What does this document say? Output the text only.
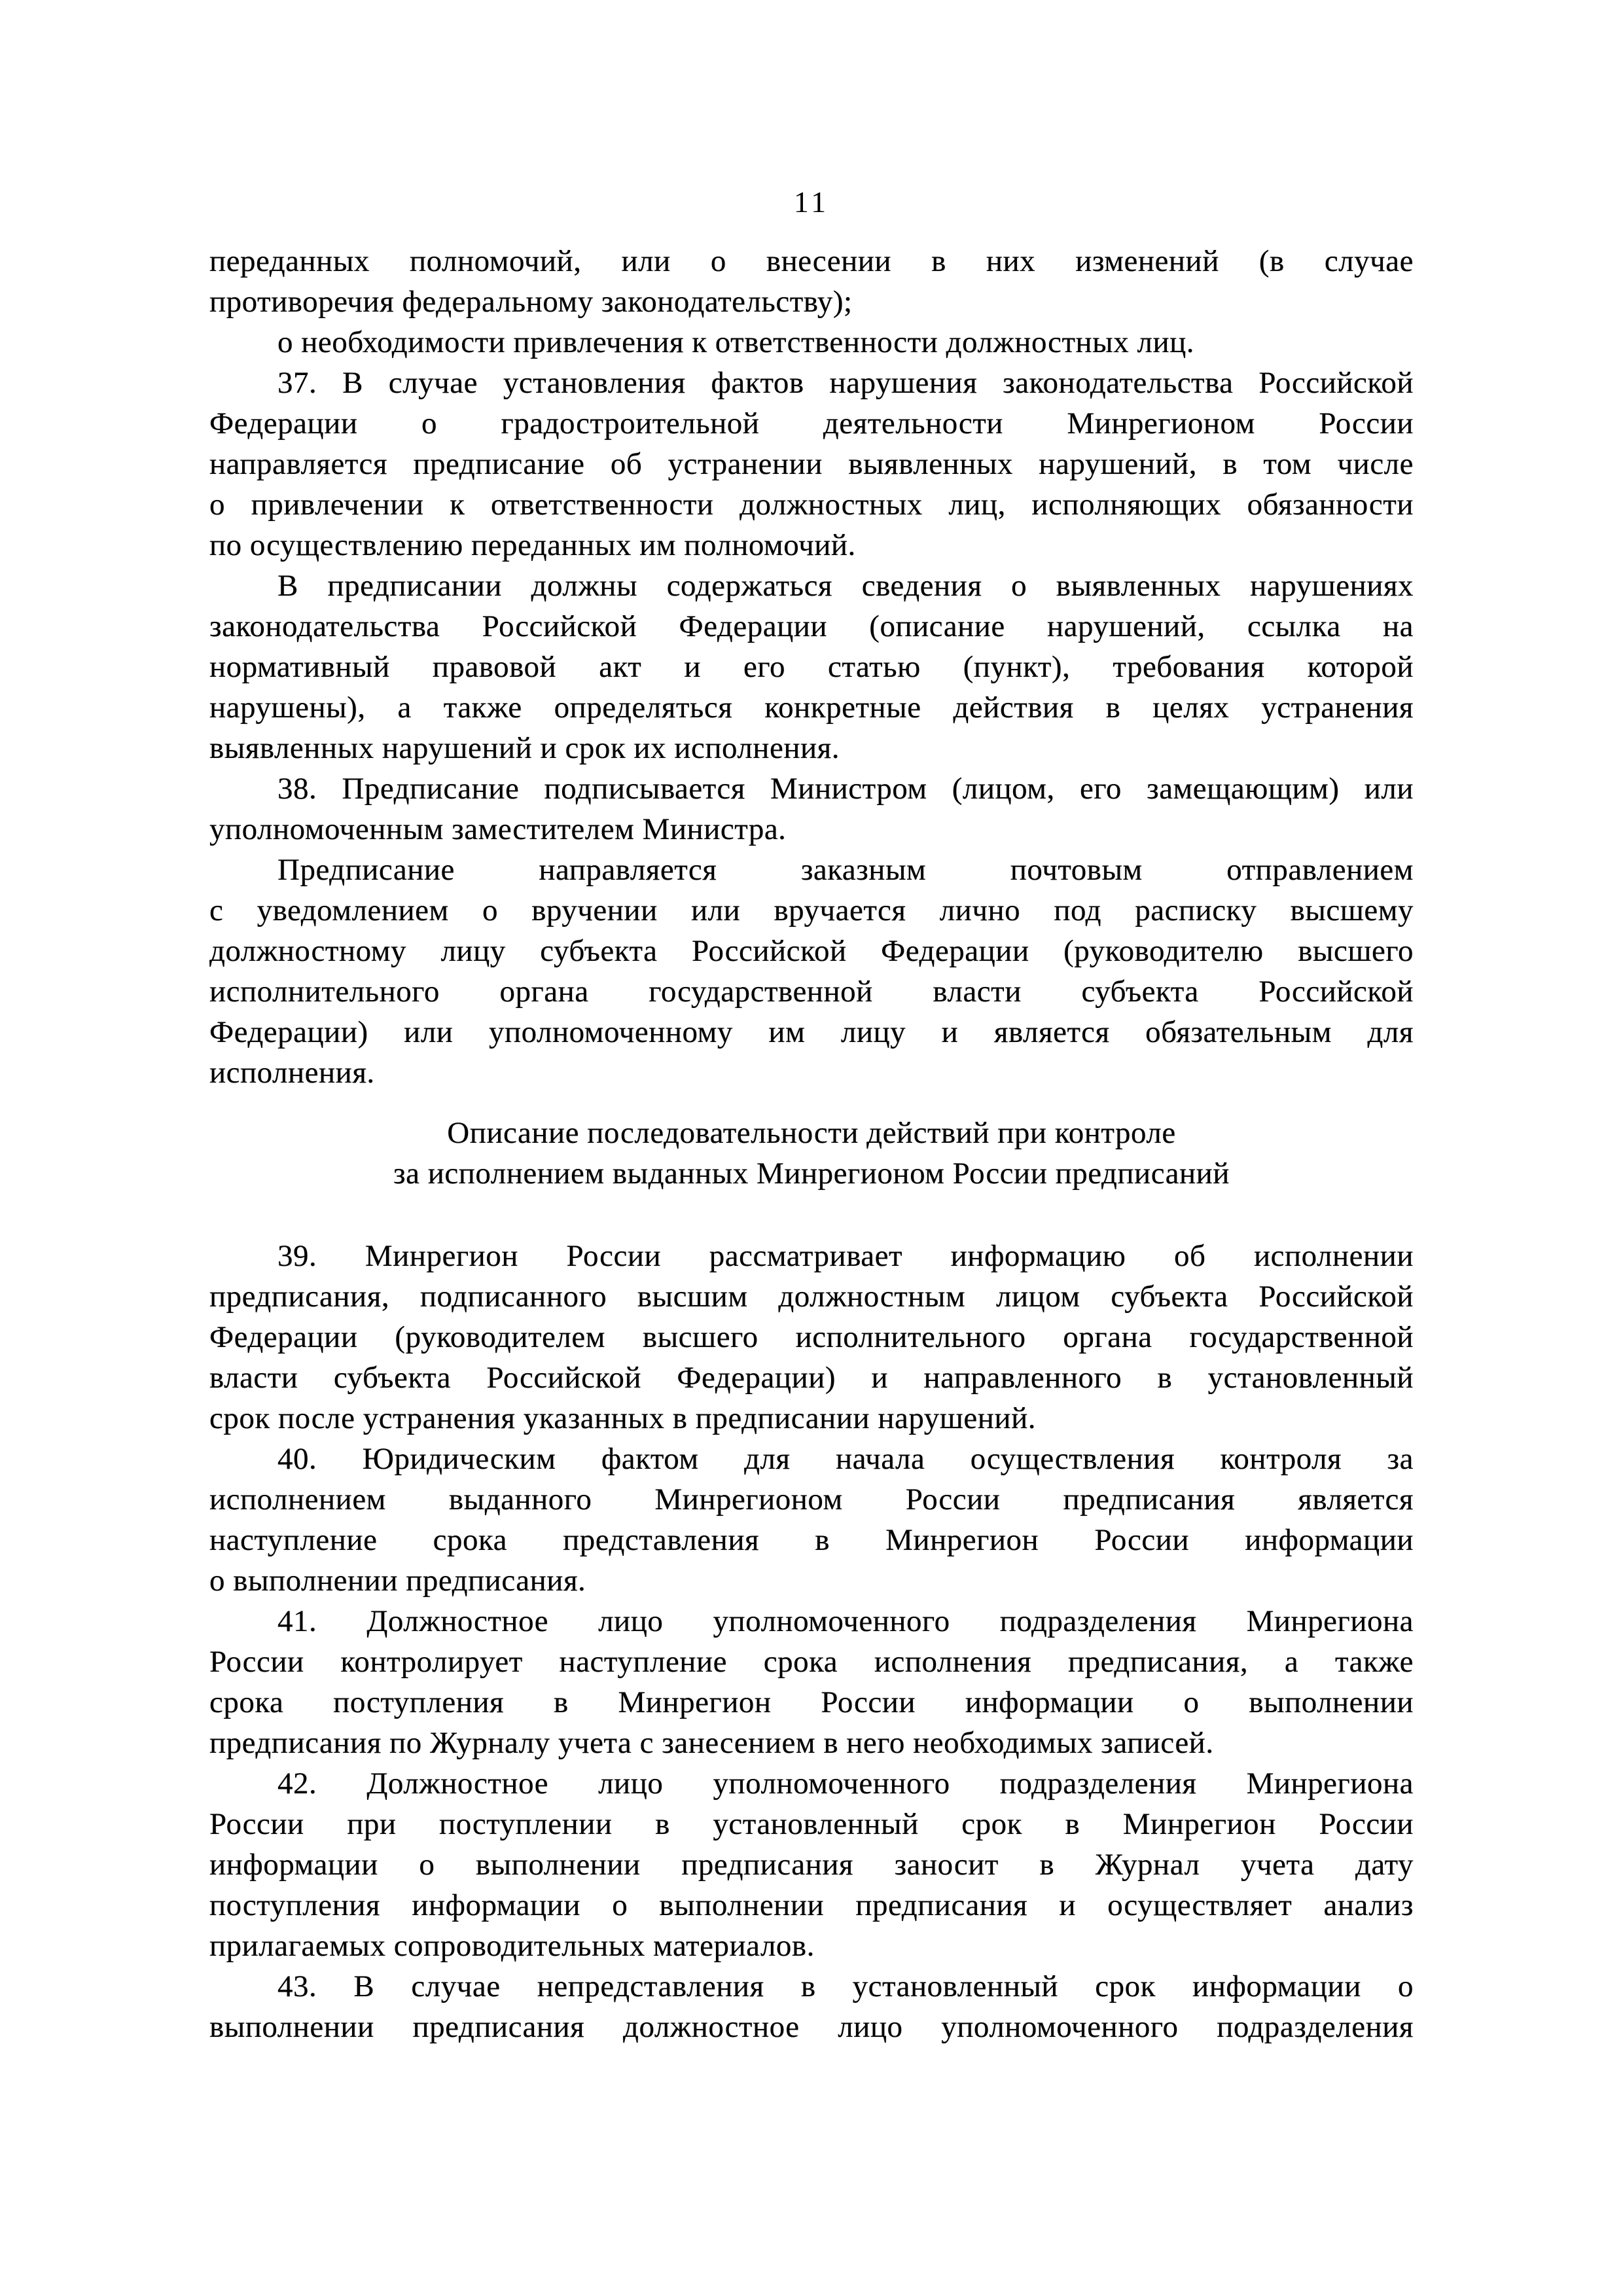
11
переданных полномочий, или о внесении в них изменений (в случае
противоречия федеральному законодательству);
о необходимости привлечения к ответственности должностных лиц.
37. В случае установления фактов нарушения законодательства Российской
Федерации о градостроительной деятельности Минрегионом России
направляется предписание об устранении выявленных нарушений, в том числе
о привлечении к ответственности должностных лиц, исполняющих обязанности
по осуществлению переданных им полномочий.
В предписании должны содержаться сведения о выявленных нарушениях
законодательства Российской Федерации (описание нарушений, ссылка на
нормативный правовой акт и его статью (пункт), требования которой
нарушены), а также определяться конкретные действия в целях устранения
выявленных нарушений и срок их исполнения.
38. Предписание подписывается Министром (лицом, его замещающим) или
уполномоченным заместителем Министра.
Предписание направляется заказным почтовым отправлением
с уведомлением о вручении или вручается лично под расписку высшему
должностному лицу субъекта Российской Федерации (руководителю высшего
исполнительного органа государственной власти субъекта Российской
Федерации) или уполномоченному им лицу и является обязательным для
исполнения.
Описание последовательности действий при контроле
за исполнением выданных Минрегионом России предписаний
39. Минрегион России рассматривает информацию об исполнении
предписания, подписанного высшим должностным лицом субъекта Российской
Федерации (руководителем высшего исполнительного органа государственной
власти субъекта Российской Федерации) и направленного в установленный
срок после устранения указанных в предписании нарушений.
40. Юридическим фактом для начала осуществления контроля за
исполнением выданного Минрегионом России предписания является
наступление срока представления в Минрегион России информации
о выполнении предписания.
41. Должностное лицо уполномоченного подразделения Минрегиона
России контролирует наступление срока исполнения предписания, а также
срока поступления в Минрегион России информации о выполнении
предписания по Журналу учета с занесением в него необходимых записей.
42. Должностное лицо уполномоченного подразделения Минрегиона
России при поступлении в установленный срок в Минрегион России
информации о выполнении предписания заносит в Журнал учета дату
поступления информации о выполнении предписания и осуществляет анализ
прилагаемых сопроводительных материалов.
43. В случае непредставления в установленный срок информации о
выполнении предписания должностное лицо уполномоченного подразделения
